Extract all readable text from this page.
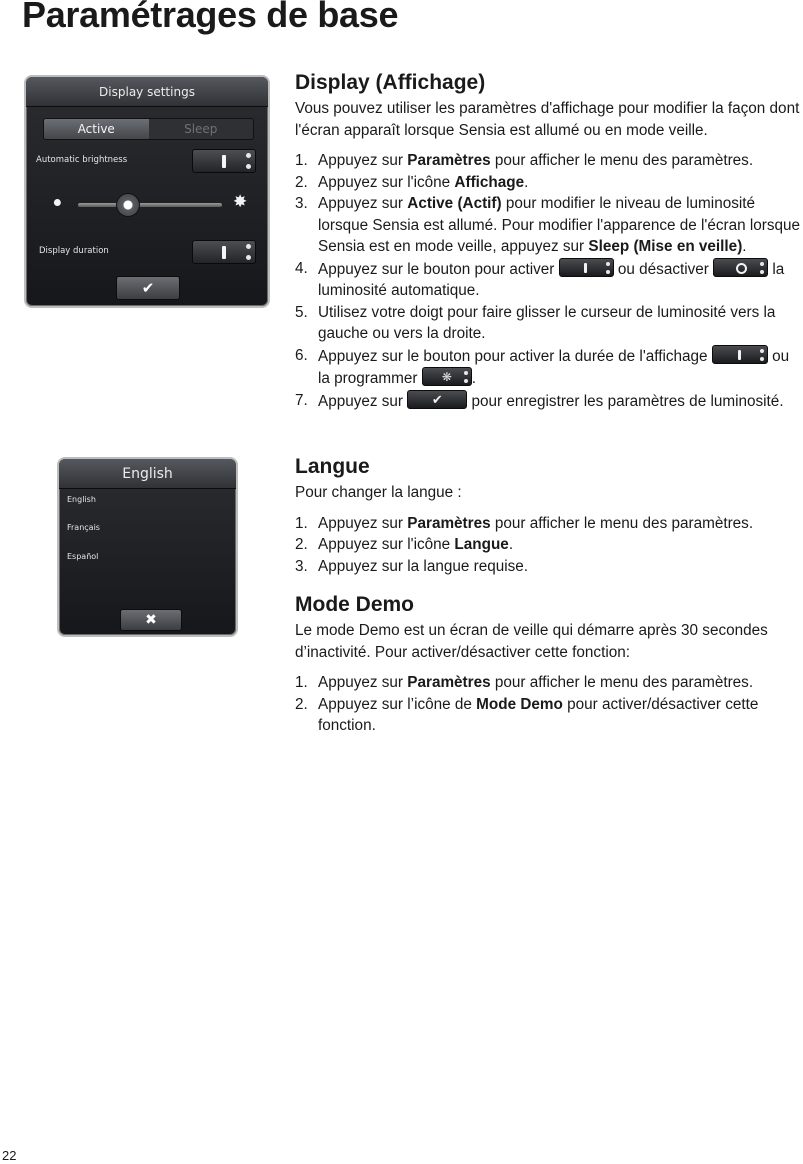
Paramétrages de base
Display settings
Active	Sleep
Automatic brightness
⚫	✸
Display duration
✔
English
English
Français
Español
✖
Display (Affichage)

Vous pouvez utiliser les paramètres d'affichage pour modifier la façon dont l'écran apparaît lorsque Sensia est allumé ou en mode veille.

1. Appuyez sur Paramètres pour afficher le menu des paramètres.
2. Appuyez sur l'icône Affichage.
3. Appuyez sur Active (Actif) pour modifier le niveau de luminosité lorsque Sensia est allumé. Pour modifier l'apparence de l'écran lorsque Sensia est en mode veille, appuyez sur Sleep (Mise en veille).
4. Appuyez sur le bouton pour activer	ou désactiver	la luminosité automatique.
5. Utilisez votre doigt pour faire glisser le curseur de luminosité vers la gauche ou vers la droite.
6. Appuyez sur le bouton pour activer la durée de l'affichage	ou la programmer ❋ .
7. Appuyez sur	✔	pour enregistrer les paramètres de luminosité.
Langue

Pour changer la langue :

1. Appuyez sur Paramètres pour afficher le menu des paramètres.
2. Appuyez sur l'icône Langue.
3. Appuyez sur la langue requise.
Mode Demo

Le mode Demo est un écran de veille qui démarre après 30 secondes d’inactivité. Pour activer/désactiver cette fonction:

1. Appuyez sur Paramètres pour afficher le menu des paramètres.
2. Appuyez sur l’icône de Mode Demo pour activer/désactiver cette fonction.
22
